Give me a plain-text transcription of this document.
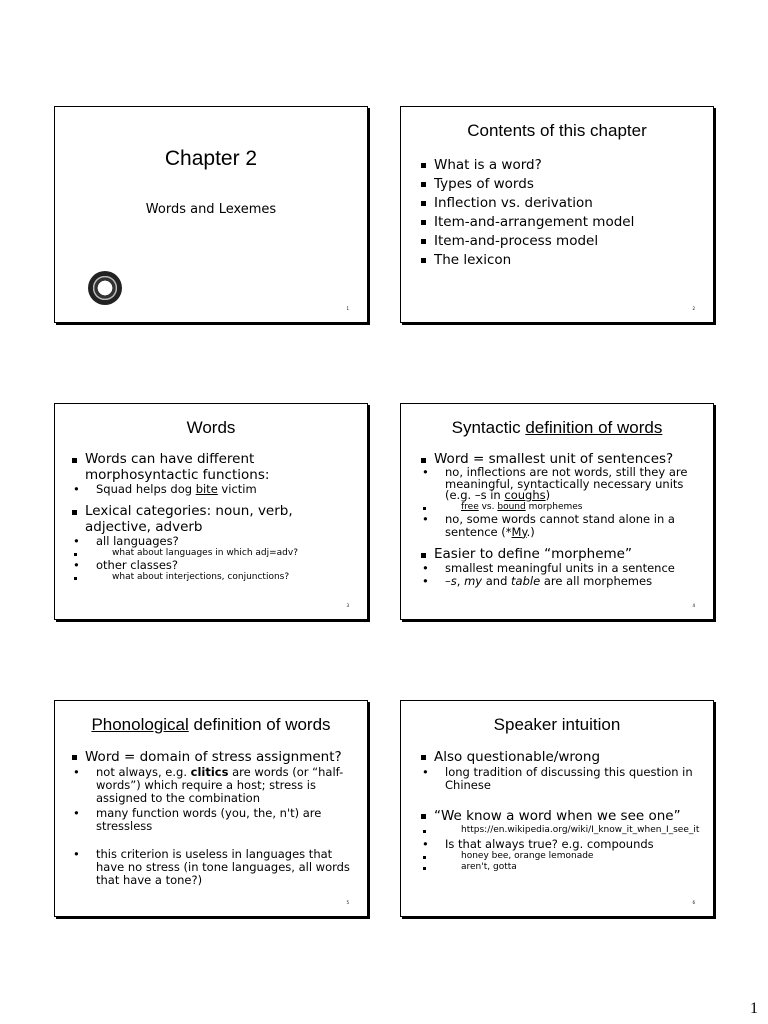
Chapter 2
Words and Lexemes
1
Contents of this chapter
What is a word?
Types of words
Inflection vs. derivation
Item-and-arrangement model
Item-and-process model
The lexicon
2
Words
Words can have different morphosyntactic functions:
• Squad helps dog bite victim
Lexical categories: noun, verb, adjective, adverb
• all languages?
what about languages in which adj=adv?
• other classes?
what about interjections, conjunctions?
3
Syntactic definition of words
Word = smallest unit of sentences?
• no, inflections are not words, still they are meaningful, syntactically necessary units (e.g. –s in coughs)
free vs. bound morphemes
• no, some words cannot stand alone in a sentence (*My.)
Easier to define “morpheme”
• smallest meaningful units in a sentence
• –s, my and table are all morphemes
4
Phonological definition of words
Word = domain of stress assignment?
• not always, e.g. clitics are words (or “half-words”) which require a host; stress is assigned to the combination
• many function words (you, the, n't) are stressless
• this criterion is useless in languages that have no stress (in tone languages, all words that have a tone?)
5
Speaker intuition
Also questionable/wrong
• long tradition of discussing this question in Chinese
“We know a word when we see one”
https://en.wikipedia.org/wiki/I_know_it_when_I_see_it
• Is that always true? e.g. compounds
honey bee, orange lemonade
aren't, gotta
6
1
